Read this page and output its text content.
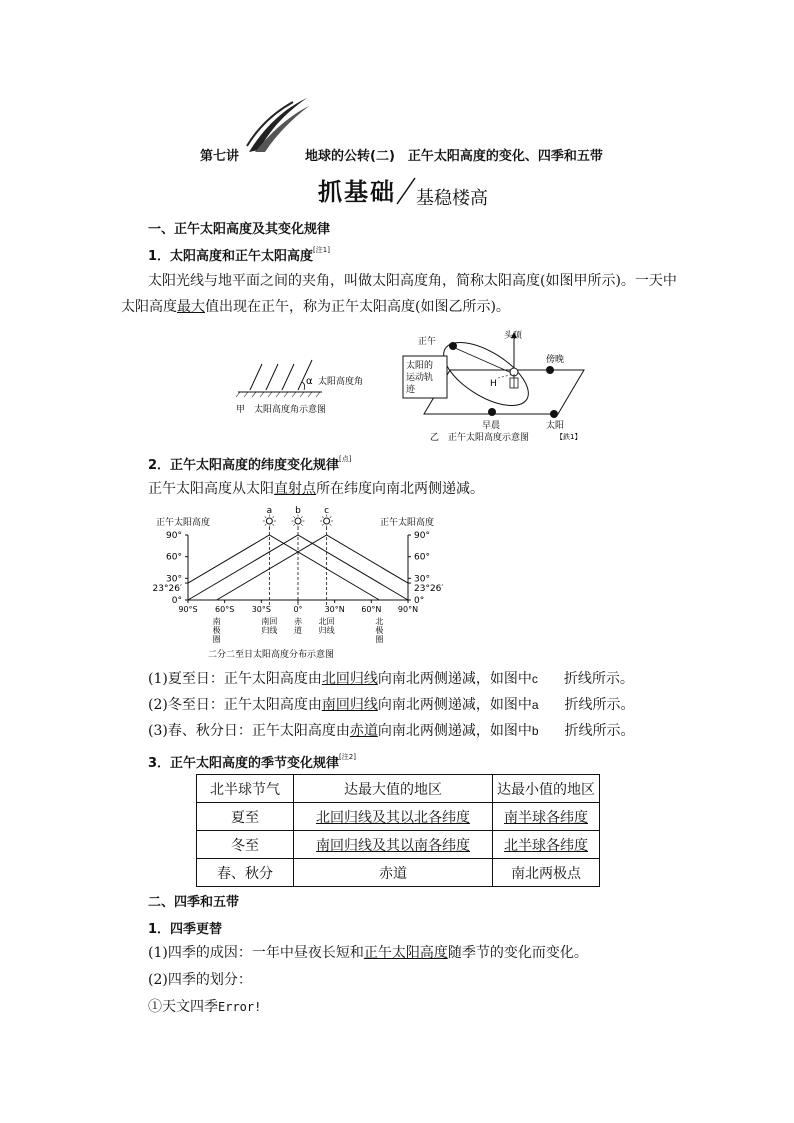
第七讲	地球的公转(二)　正午太阳高度的变化、四季和五带
抓基础 基稳楼高
一、正午太阳高度及其变化规律
1．太阳高度和正午太阳高度[注1]
太阳光线与地平面之间的夹角，叫做太阳高度角，简称太阳高度(如图甲所示)。一天中
太阳高度最大值出现在正午，称为正午太阳高度(如图乙所示)。
α 太阳高度角
甲　太阳高度角示意图
正午
头顶
傍晚
太阳的
运动轨
迹
H
早晨	太阳
乙　正午太阳高度示意图	【鉄1】
2．正午太阳高度的纬度变化规律[点]
正午太阳高度从太阳直射点所在纬度向南北两侧递减。
正午太阳高度	正午太阳高度
90°	90°
60°	60°
30°	30°
23°26′	23°26′
0°	0°
90°S 60°S 30°S	0°	30°N 60°N 90°N
a	b	c
南极圈
南回归线
赤道
北回归线
北极圈
二分二至日太阳高度分布示意图
(1)夏至日：正午太阳高度由北回归线向南北两侧递减，如图中c 折线所示。
(2)冬至日：正午太阳高度由南回归线向南北两侧递减，如图中a 折线所示。
(3)春、秋分日：正午太阳高度由赤道向南北两侧递减，如图中b 折线所示。
3．正午太阳高度的季节变化规律[注2]
北半球节气	达最大值的地区	达最小值的地区
夏至	北回归线及其以北各纬度	南半球各纬度
冬至	南回归线及其以南各纬度	北半球各纬度
春、秋分	赤道	南北两极点
二、四季和五带
1．四季更替
(1)四季的成因：一年中昼夜长短和正午太阳高度随季节的变化而变化。
(2)四季的划分：
①天文四季Error!
